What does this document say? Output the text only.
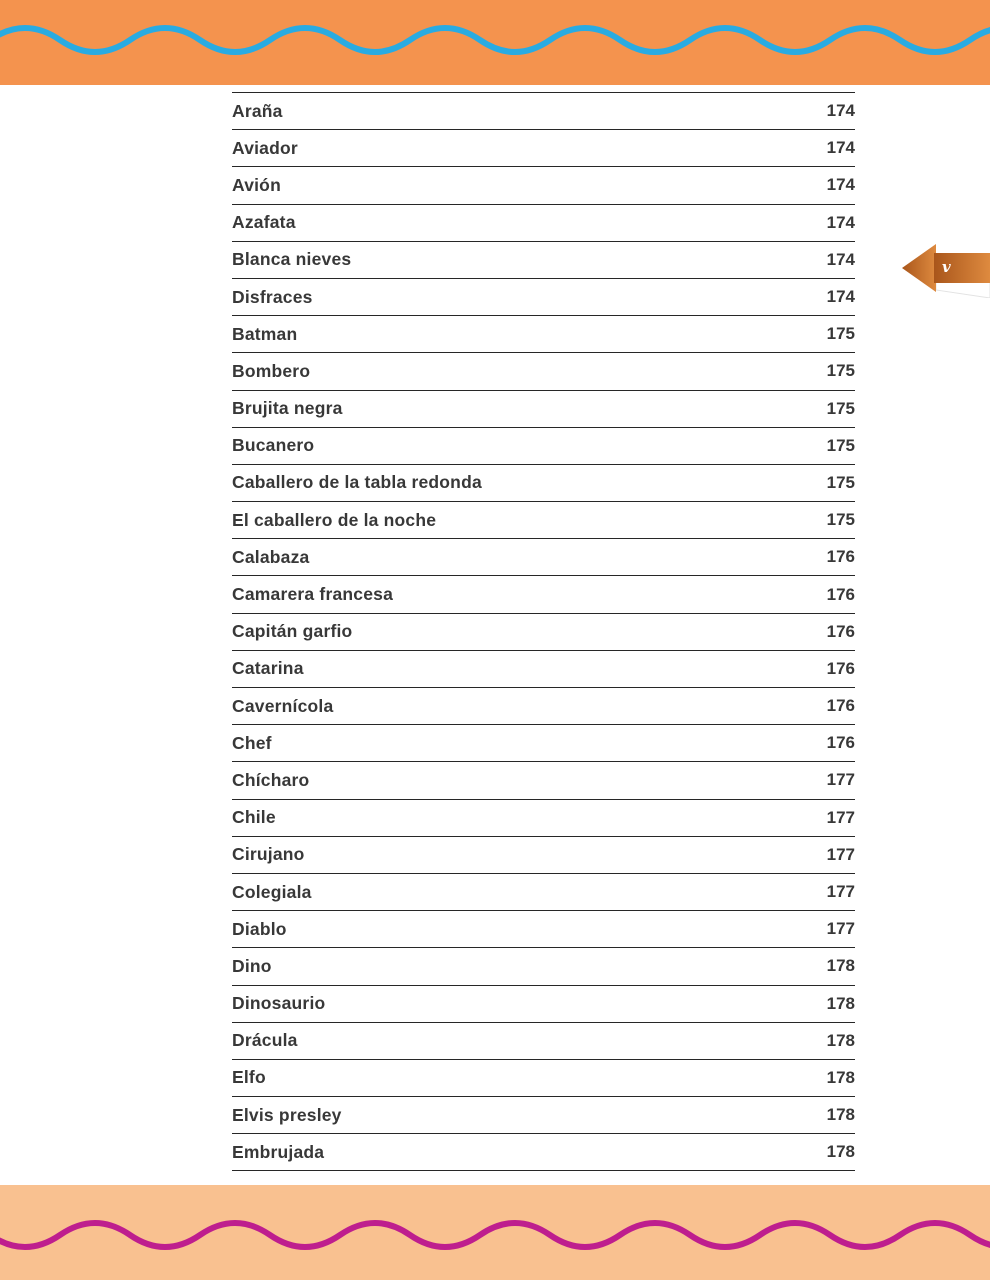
Araña	174
Aviador	174
Avión	174
Azafata	174
Blanca nieves	174
Disfraces	174
Batman	175
Bombero	175
Brujita negra	175
Bucanero	175
Caballero de la tabla redonda	175
El caballero de la noche	175
Calabaza	176
Camarera francesa	176
Capitán garfio	176
Catarina	176
Cavernícola	176
Chef	176
Chícharo	177
Chile	177
Cirujano	177
Colegiala	177
Diablo	177
Dino	178
Dinosaurio	178
Drácula	178
Elfo	178
Elvis presley	178
Embrujada	178
v
